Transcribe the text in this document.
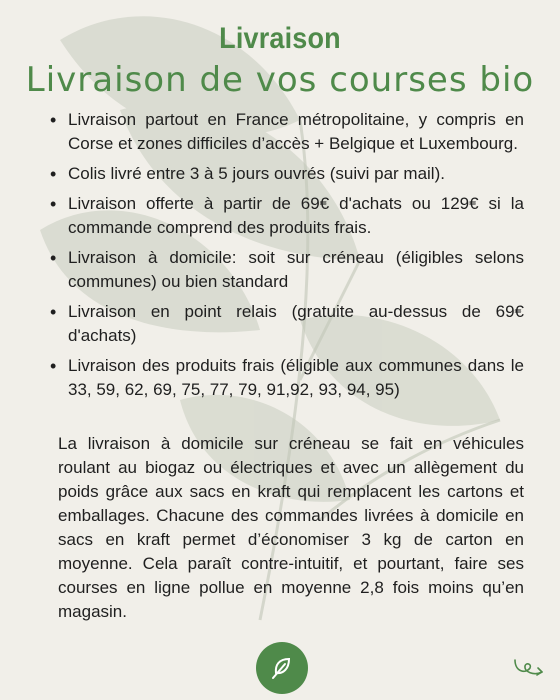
Livraison
Livraison de vos courses bio
• Livraison partout en France métropolitaine, y compris en Corse et zones difficiles d’accès + Belgique et Luxembourg.
• Colis livré entre 3 à 5 jours ouvrés (suivi par mail).
• Livraison offerte à partir de 69€ d'achats ou 129€ si la commande comprend des produits frais.
• Livraison à domicile: soit sur créneau (éligibles selons communes) ou bien standard
• Livraison en point relais (gratuite au-dessus de 69€ d'achats)
• Livraison des produits frais (éligible aux communes dans le 33, 59, 62, 69, 75, 77, 79, 91,92, 93, 94, 95)

La livraison à domicile sur créneau se fait en véhicules roulant au biogaz ou électriques et avec un allègement du poids grâce aux sacs en kraft qui remplacent les cartons et emballages. Chacune des commandes livrées à domicile en sacs en kraft permet d’économiser 3 kg de carton en moyenne. Cela paraît contre-intuitif, et pourtant, faire ses courses en ligne pollue en moyenne 2,8 fois moins qu’en magasin.
